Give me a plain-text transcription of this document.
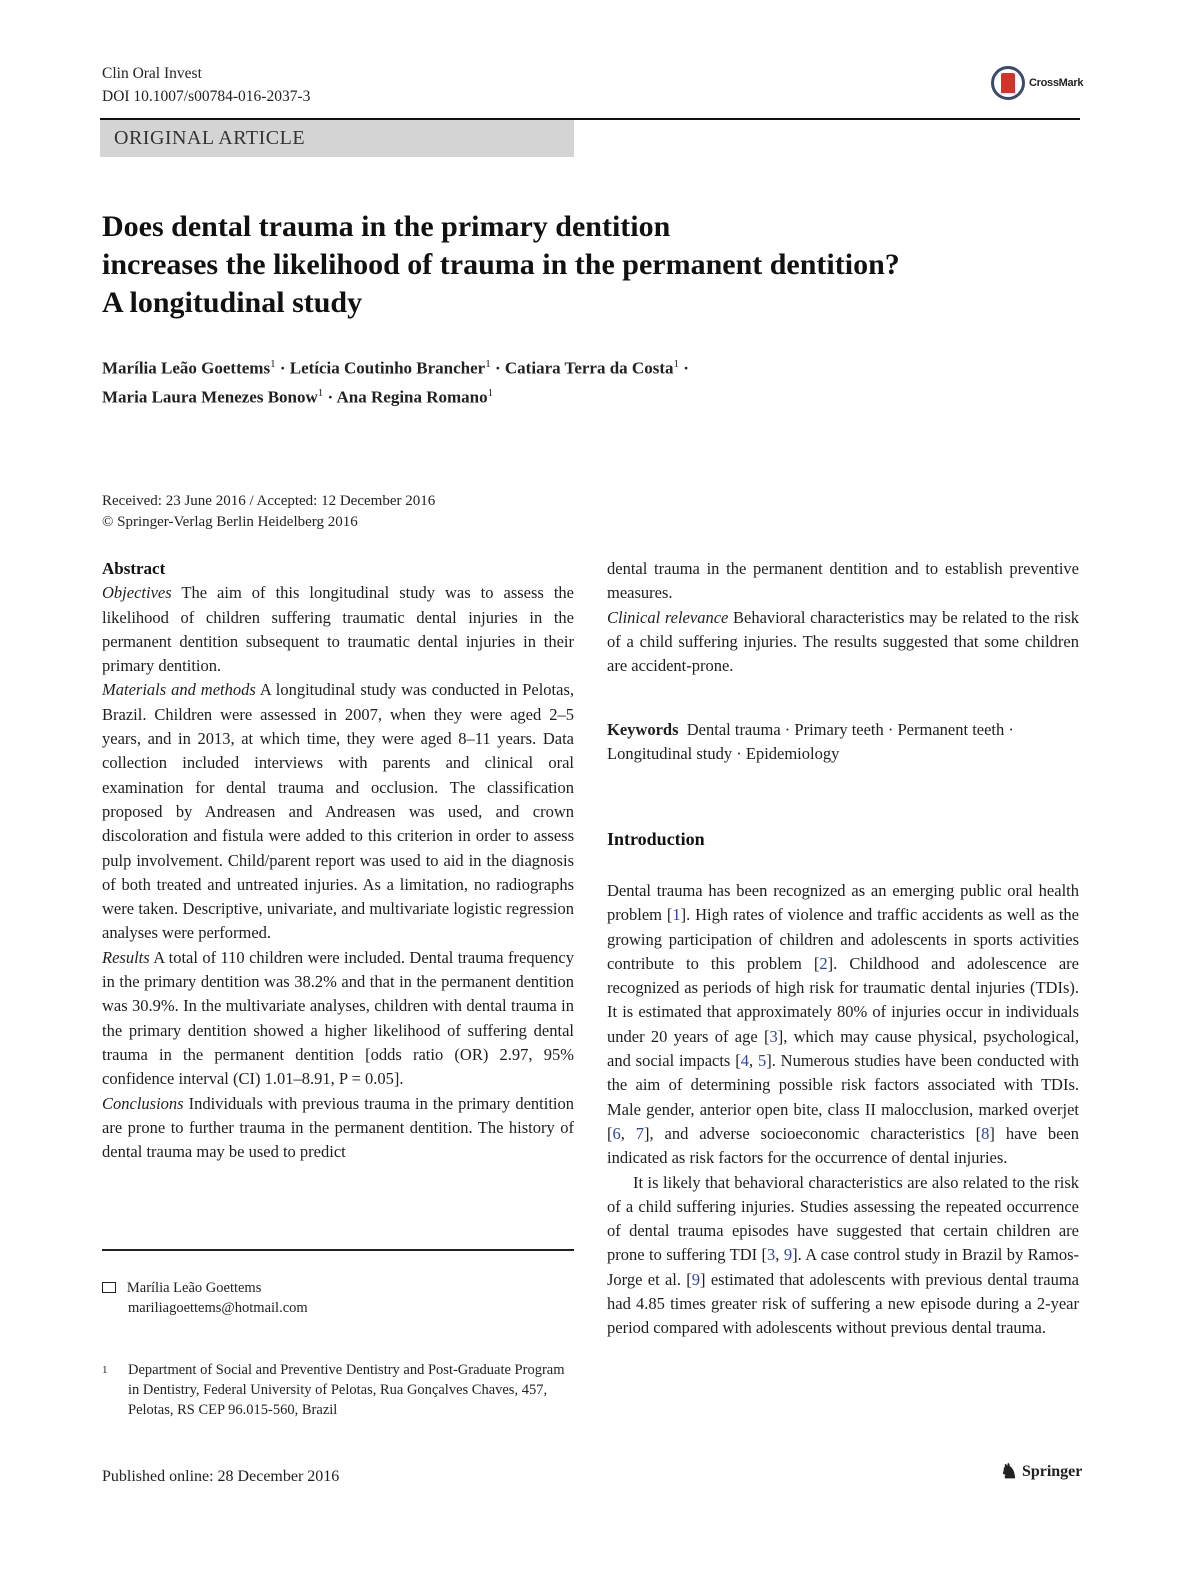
Clin Oral Invest
DOI 10.1007/s00784-016-2037-3
CrossMark
ORIGINAL ARTICLE
Does dental trauma in the primary dentition
increases the likelihood of trauma in the permanent dentition?
A longitudinal study
Marília Leão Goettems$^1$ · Letícia Coutinho Brancher$^1$ · Catiara Terra da Costa$^1$ ·
Maria Laura Menezes Bonow$^1$ · Ana Regina Romano$^1$
Received: 23 June 2016 / Accepted: 12 December 2016
© Springer-Verlag Berlin Heidelberg 2016
Abstract

Objectives The aim of this longitudinal study was to assess the likelihood of children suffering traumatic dental injuries in the permanent dentition subsequent to traumatic dental injuries in their primary dentition.

Materials and methods A longitudinal study was conducted in Pelotas, Brazil. Children were assessed in 2007, when they were aged 2–5 years, and in 2013, at which time, they were aged 8–11 years. Data collection included interviews with parents and clinical oral examination for dental trauma and occlusion. The classification proposed by Andreasen and Andreasen was used, and crown discoloration and fistula were added to this criterion in order to assess pulp involvement. Child/parent report was used to aid in the diagnosis of both treated and untreated injuries. As a limitation, no radiographs were taken. Descriptive, univariate, and multivariate logistic regression analyses were performed.

Results A total of 110 children were included. Dental trauma frequency in the primary dentition was 38.2% and that in the permanent dentition was 30.9%. In the multivariate analyses, children with dental trauma in the primary dentition showed a higher likelihood of suffering dental trauma in the permanent dentition [odds ratio (OR) 2.97, 95% confidence interval (CI) 1.01–8.91, P = 0.05].

Conclusions Individuals with previous trauma in the primary dentition are prone to further trauma in the permanent dentition. The history of dental trauma may be used to predict

Marília Leão Goettems
mariliagoettems@hotmail.com
1	Department of Social and Preventive Dentistry and Post-Graduate Program in Dentistry, Federal University of Pelotas, Rua Gonçalves Chaves, 457, Pelotas, RS CEP 96.015-560, Brazil

dental trauma in the permanent dentition and to establish preventive measures.

Clinical relevance Behavioral characteristics may be related to the risk of a child suffering injuries. The results suggested that some children are accident-prone.

Keywords Dental trauma · Primary teeth · Permanent teeth · Longitudinal study · Epidemiology
Introduction

Dental trauma has been recognized as an emerging public oral health problem [1]. High rates of violence and traffic accidents as well as the growing participation of children and adolescents in sports activities contribute to this problem [2]. Childhood and adolescence are recognized as periods of high risk for traumatic dental injuries (TDIs). It is estimated that approximately 80% of injuries occur in individuals under 20 years of age [3], which may cause physical, psychological, and social impacts [4, 5]. Numerous studies have been conducted with the aim of determining possible risk factors associated with TDIs. Male gender, anterior open bite, class II malocclusion, marked overjet [6, 7], and adverse socioeconomic characteristics [8] have been indicated as risk factors for the occurrence of dental injuries.

It is likely that behavioral characteristics are also related to the risk of a child suffering injuries. Studies assessing the repeated occurrence of dental trauma episodes have suggested that certain children are prone to suffering TDI [3, 9]. A case control study in Brazil by Ramos-Jorge et al. [9] estimated that adolescents with previous dental trauma had 4.85 times greater risk of suffering a new episode during a 2-year period compared with adolescents without previous dental trauma.

Published online: 28 December 2016	♞ Springer
